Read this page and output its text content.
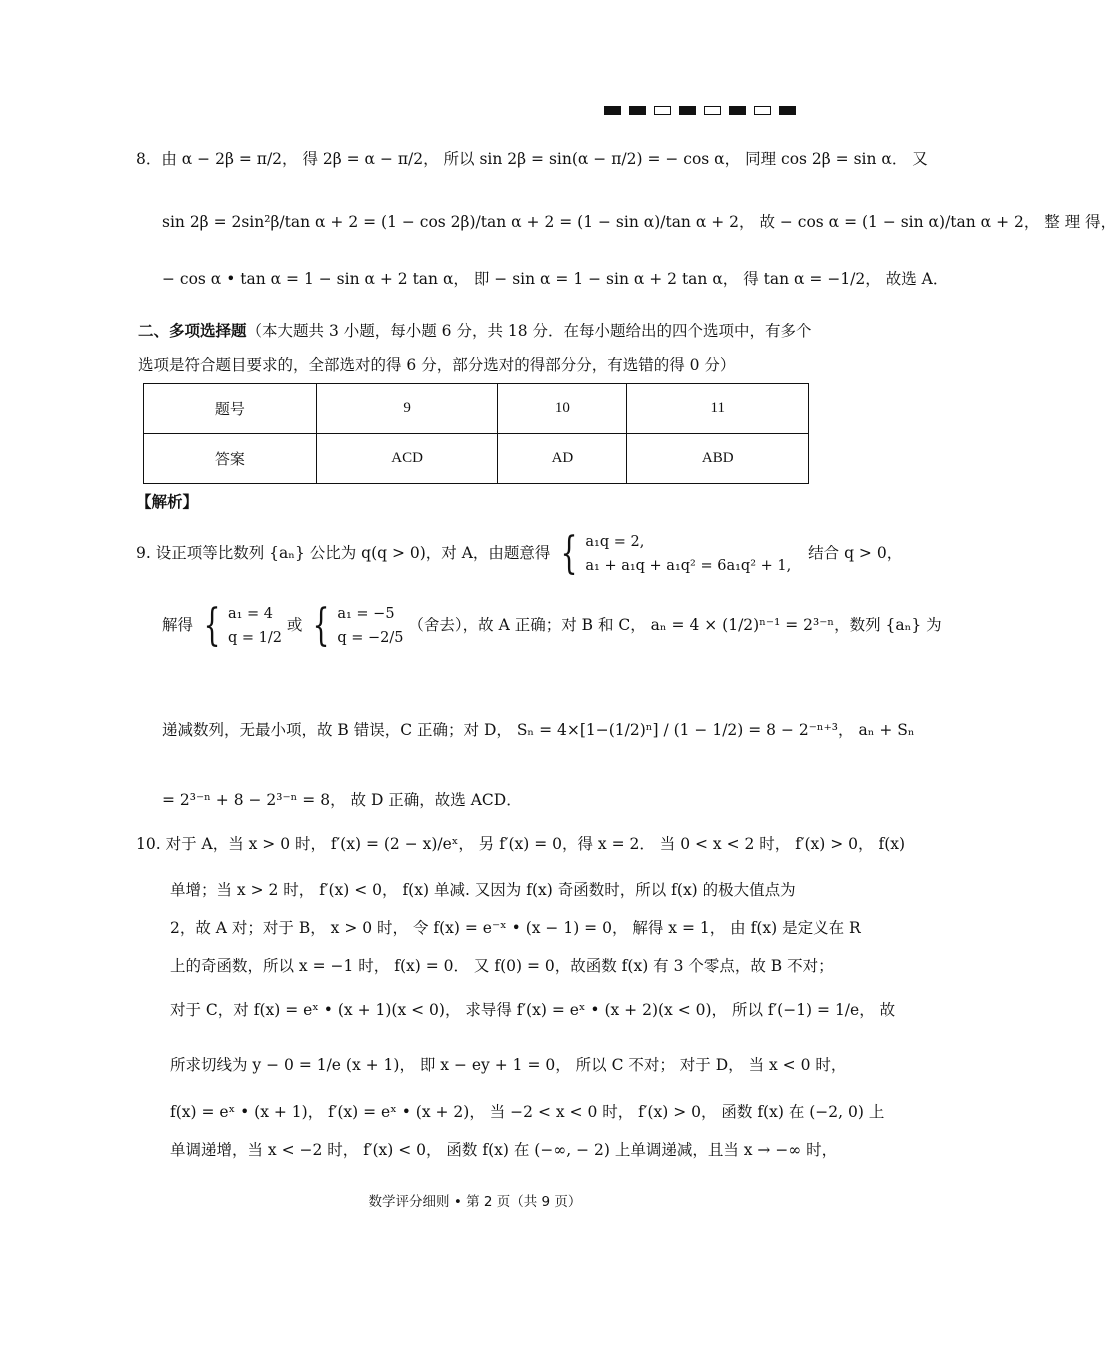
8．由 α − 2β = π/2， 得 2β = α − π/2， 所以 sin 2β = sin(α − π/2) = − cos α， 同理 cos 2β = sin α． 又
sin 2β = 2sin²β/tan α + 2 = (1 − cos 2β)/tan α + 2 = (1 − sin α)/tan α + 2， 故 − cos α = (1 − sin α)/tan α + 2， 整 理 得，
− cos α • tan α = 1 − sin α + 2 tan α， 即 − sin α = 1 − sin α + 2 tan α， 得 tan α = −1/2， 故选 A．
二、多项选择题（本大题共 3 小题，每小题 6 分，共 18 分．在每小题给出的四个选项中，有多个选项是符合题目要求的，全部选对的得 6 分，部分选对的得部分分，有选错的得 0 分）
题号	9	10	11
答案	ACD	AD	ABD
【解析】
9. 设正项等比数列 {aₙ} 公比为 q(q > 0)，对 A，由题意得 { a₁q = 2,
a₁ + a₁q + a₁q² = 6a₁q² + 1,
结合 q > 0，
解得 { a₁ = 4
q = 1/2
或 { a₁ = −5
q = −2/5
（舍去），故 A 正确；对 B 和 C， aₙ = 4 × (1/2)ⁿ⁻¹ = 2³⁻ⁿ，数列 {aₙ} 为
递减数列，无最小项，故 B 错误，C 正确；对 D， Sₙ = 4×[1−(1/2)ⁿ] / (1 − 1/2) = 8 − 2⁻ⁿ⁺³， aₙ + Sₙ
= 2³⁻ⁿ + 8 − 2³⁻ⁿ = 8， 故 D 正确，故选 ACD．
10. 对于 A，当 x > 0 时， f′(x) = (2 − x)/eˣ， 另 f′(x) = 0，得 x = 2． 当 0 < x < 2 时， f′(x) > 0， f(x)
单增；当 x > 2 时， f′(x) < 0， f(x) 单减. 又因为 f(x) 奇函数时，所以 f(x) 的极大值点为
2，故 A 对；对于 B， x > 0 时， 令 f(x) = e⁻ˣ • (x − 1) = 0， 解得 x = 1， 由 f(x) 是定义在 R
上的奇函数，所以 x = −1 时， f(x) = 0． 又 f(0) = 0，故函数 f(x) 有 3 个零点，故 B 不对；
对于 C，对 f(x) = eˣ • (x + 1)(x < 0)， 求导得 f′(x) = eˣ • (x + 2)(x < 0)， 所以 f′(−1) = 1/e， 故
所求切线为 y − 0 = 1/e (x + 1)， 即 x − ey + 1 = 0， 所以 C 不对； 对于 D， 当 x < 0 时，
f(x) = eˣ • (x + 1)， f′(x) = eˣ • (x + 2)， 当 −2 < x < 0 时， f′(x) > 0， 函数 f(x) 在 (−2, 0) 上
单调递增，当 x < −2 时， f′(x) < 0， 函数 f(x) 在 (−∞, − 2) 上单调递减，且当 x → −∞ 时，
数学评分细则 • 第 2 页（共 9 页）
